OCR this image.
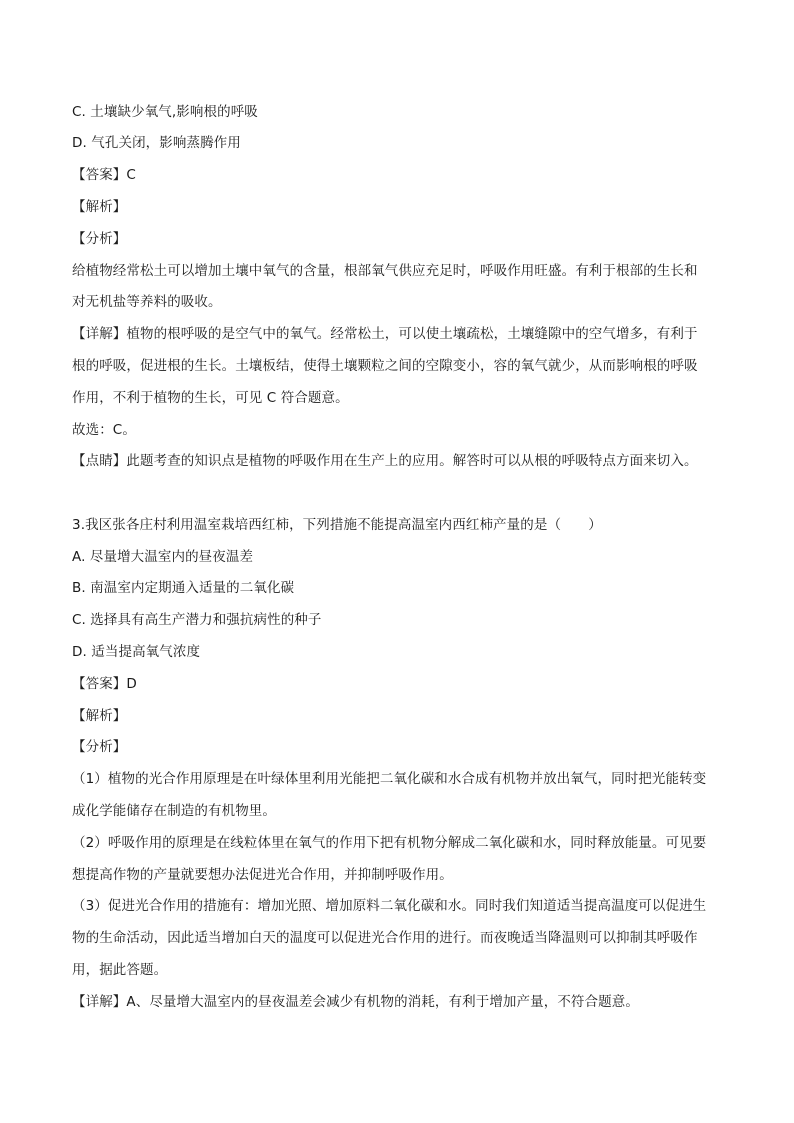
C. 土壤缺少氧气,影响根的呼吸
D. 气孔关闭，影响蒸腾作用
【答案】C
【解析】
【分析】
给植物经常松土可以增加土壤中氧气的含量，根部氧气供应充足时，呼吸作用旺盛。有利于根部的生长和
对无机盐等养料的吸收。
【详解】植物的根呼吸的是空气中的氧气。经常松土，可以使土壤疏松，土壤缝隙中的空气增多，有利于
根的呼吸，促进根的生长。土壤板结，使得土壤颗粒之间的空隙变小，容的氧气就少，从而影响根的呼吸
作用，不利于植物的生长，可见 C 符合题意。
故选：C。
【点睛】此题考查的知识点是植物的呼吸作用在生产上的应用。解答时可以从根的呼吸特点方面来切入。
3.我区张各庄村利用温室栽培西红柿，下列措施不能提高温室内西红柿产量的是（　　）
A. 尽量增大温室内的昼夜温差
B. 南温室内定期通入适量的二氧化碳
C. 选择具有高生产潜力和强抗病性的种子
D. 适当提高氧气浓度
【答案】D
【解析】
【分析】
（1）植物的光合作用原理是在叶绿体里利用光能把二氧化碳和水合成有机物并放出氧气，同时把光能转变
成化学能储存在制造的有机物里。
（2）呼吸作用的原理是在线粒体里在氧气的作用下把有机物分解成二氧化碳和水，同时释放能量。可见要
想提高作物的产量就要想办法促进光合作用，并抑制呼吸作用。
（3）促进光合作用的措施有：增加光照、增加原料二氧化碳和水。同时我们知道适当提高温度可以促进生
物的生命活动，因此适当增加白天的温度可以促进光合作用的进行。而夜晚适当降温则可以抑制其呼吸作
用，据此答题。
【详解】A、尽量增大温室内的昼夜温差会减少有机物的消耗，有利于增加产量，不符合题意。
